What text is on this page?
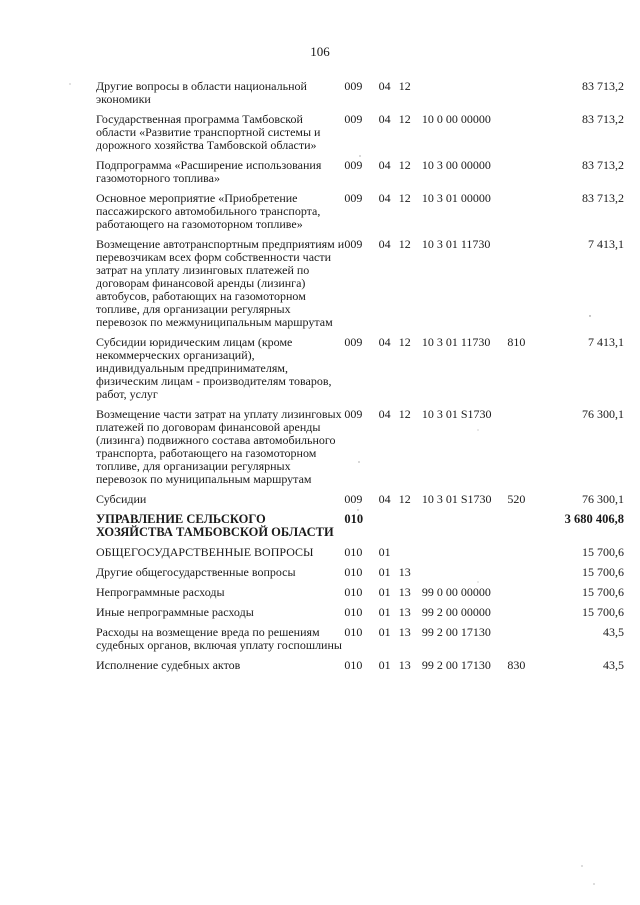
106
Другие вопросы в области национальной экономики	009	04	12			83 713,2
Государственная программа Тамбовской области «Развитие транспортной системы и дорожного хозяйства Тамбовской области»	009	04	12	10 0 00 00000		83 713,2
Подпрограмма «Расширение использования газомоторного топлива»	009	04	12	10 3 00 00000		83 713,2
Основное мероприятие «Приобретение пассажирского автомобильного транспорта, работающего на газомоторном топливе»	009	04	12	10 3 01 00000		83 713,2
Возмещение автотранспортным предприятиям и перевозчикам всех форм собственности части затрат на уплату лизинговых платежей по договорам финансовой аренды (лизинга) автобусов, работающих на газомоторном топливе, для организации регулярных перевозок по межмуниципальным маршрутам	009	04	12	10 3 01 11730		7 413,1
Субсидии юридическим лицам (кроме некоммерческих организаций), индивидуальным предпринимателям, физическим лицам - производителям товаров, работ, услуг	009	04	12	10 3 01 11730	810	7 413,1
Возмещение части затрат на уплату лизинговых платежей по договорам финансовой аренды (лизинга) подвижного состава автомобильного транспорта, работающего на газомоторном топливе, для организации регулярных перевозок по муниципальным маршрутам	009	04	12	10 3 01 S1730		76 300,1
Субсидии	009	04	12	10 3 01 S1730	520	76 300,1
УПРАВЛЕНИЕ СЕЛЬСКОГО ХОЗЯЙСТВА ТАМБОВСКОЙ ОБЛАСТИ	010					3 680 406,8
ОБЩЕГОСУДАРСТВЕННЫЕ ВОПРОСЫ	010	01				15 700,6
Другие общегосударственные вопросы	010	01	13			15 700,6
Непрограммные расходы	010	01	13	99 0 00 00000		15 700,6
Иные непрограммные расходы	010	01	13	99 2 00 00000		15 700,6
Расходы на возмещение вреда по решениям судебных органов, включая уплату госпошлины	010	01	13	99 2 00 17130		43,5
Исполнение судебных актов	010	01	13	99 2 00 17130	830	43,5
